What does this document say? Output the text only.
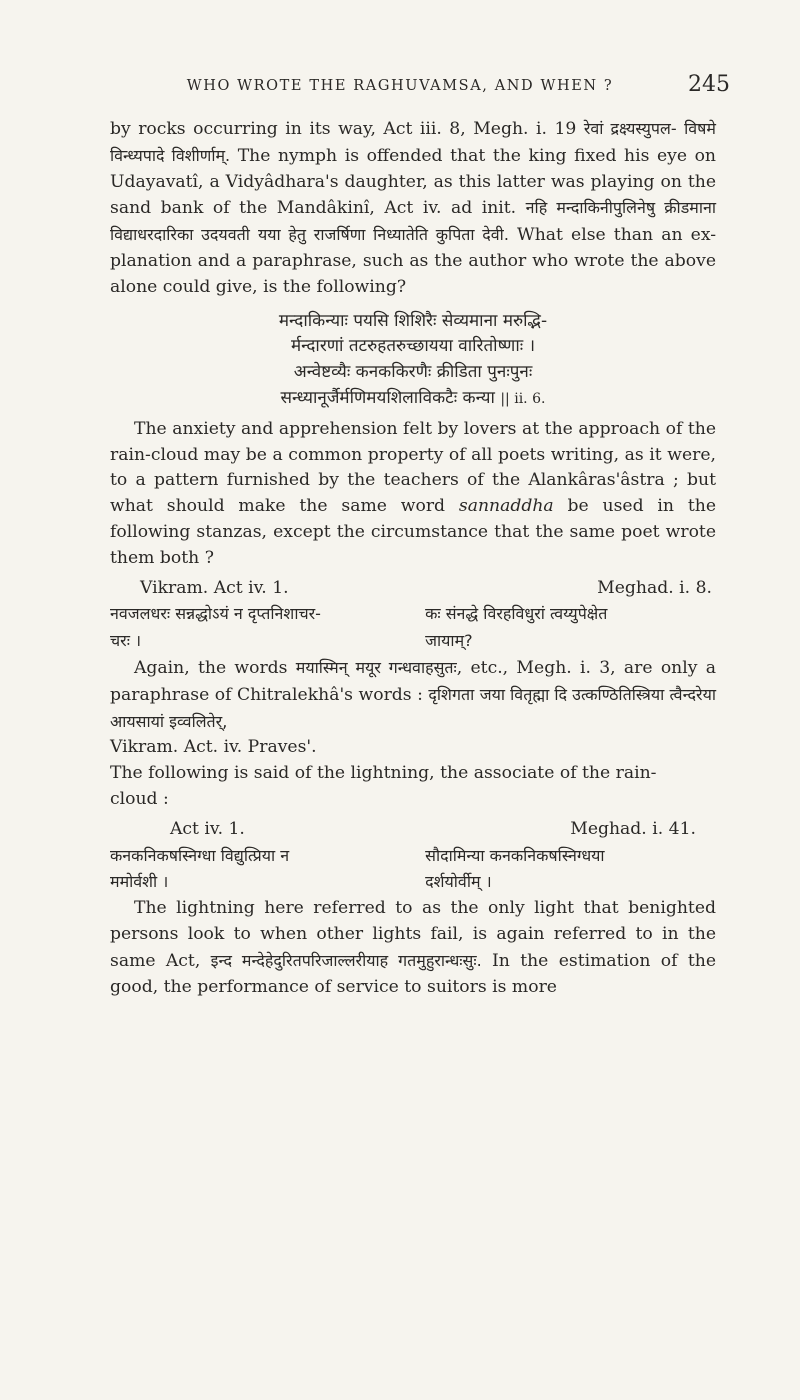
WHO WROTE THE RAGHUVAMSA, AND WHEN ?	245

by rocks occurring in its way, Act iii. 8, Megh. i. 19 रेवां द्रक्ष्यस्युपल- विषमे विन्ध्यपादे विशीर्णाम्. The nymph is offended that the king fixed his eye on Udayavatî, a Vidyâdhara's daughter, as this latter was playing on the sand bank of the Mandâkinî, Act iv. ad init. नहि मन्दाकिनीपुलिनेषु क्रीडमाना विद्याधरदारिका उदयवती यया हेतु राजर्षिणा निध्यातेति कुपिता देवी. What else than an ex- planation and a paraphrase, such as the author who wrote the above alone could give, is the following?

मन्दाकिन्याः पयसि शिशिरैः सेव्यमाना मरुद्भि-
र्मन्दारणां तटरुहतरुच्छायया वारितोष्णाः ।
अन्वेष्टव्यैः कनककिरणैः क्रीडिता पुनःपुनः
सन्ध्यानूर्जैर्मणिमयशिलाविकटैः कन्या || ii. 6.

The anxiety and apprehension felt by lovers at the approach of the rain-cloud may be a common property of all poets writing, as it were, to a pattern furnished by the teachers of the Alankâras'âstra ; but what should make the same word sannaddha be used in the following stanzas, except the circumstance that the same poet wrote them both ?

Vikram. Act iv. 1.	Meghad. i. 8.
नवजलधरः सन्नद्धोऽयं न दृप्तनिशाचर-
चरः ।
कः संनद्धे विरहविधुरां त्वय्युपेक्षेत
जायाम्?

Again, the words मयास्मिन् मयूर गन्धवाहसुतः, etc., Megh. i. 3, are only a paraphrase of Chitralekhâ's words : दृशिगता जया वितृह्मा दि उत्कण्ठितिस्त्रिया त्वैन्दरेया आयसायां इव्वलितेर्,

Vikram. Act. iv. Praves'.
The following is said of the lightning, the associate of the rain-
cloud :
Act iv. 1.	Meghad. i. 41.
कनकनिकषस्निग्धा विद्युत्प्रिया न
ममोर्वशी ।
सौदामिन्या कनकनिकषस्निग्धया
दर्शयोर्वीम् ।

The lightning here referred to as the only light that benighted persons look to when other lights fail, is again referred to in the same Act, इन्द मन्देहेदुरितपरिजाल्लरीयाह गतमुहुरान्धःसुः. In the estimation of the good, the performance of service to suitors is more
